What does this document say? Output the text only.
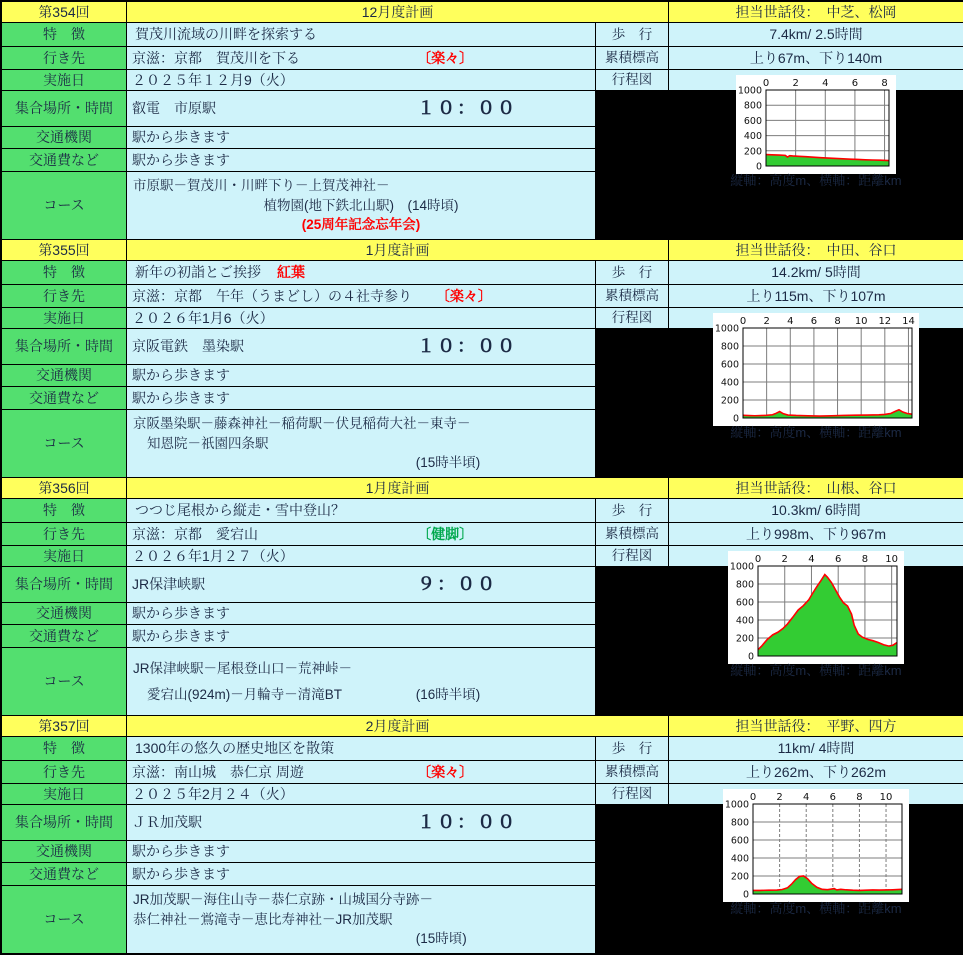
第354回	12月度計画	担当世話役：　中芝、松岡
特　徴	賀茂川流域の川畔を探索する	歩　行	7.4km/ 2.5時間
行き先	京滋：京都　賀茂川を下る	〔楽々〕	累積標高	上り67m、下り140m
実施日	２０２５年１２月9（火）	行程図	0 2 4 6 8
0
200
400
600
800
1000
縦軸：高度m、横軸：距離km
集合場所・時間	叡電　市原駅	１０：００
交通機関	駅から歩きます
交通費など	駅から歩きます
コース
市原駅－賀茂川・川畔下り－上賀茂神社－
植物園(地下鉄北山駅)　(14時頃)
(25周年記念忘年会)
第355回	1月度計画	担当世話役：　中田、谷口
特　徴	新年の初詣とご挨拶 紅葉	歩　行	14.2km/ 5時間
行き先	京滋：京都　午年（うまどし）の４社寺参り 〔楽々〕	累積標高	上り115m、下り107m
実施日	２０２６年1月6（火）	行程図	0 2 4 6 8 10 12 14
0
200
400
600
800
1000
縦軸：高度m、横軸：距離km
集合場所・時間	京阪電鉄　墨染駅	１０：００
交通機関	駅から歩きます
交通費など	駅から歩きます
コース
京阪墨染駅－藤森神社－稲荷駅－伏見稲荷大社－東寺－
知恩院－祇園四条駅
(15時半頃)

第356回	1月度計画	担当世話役：　山根、谷口
特　徴	つつじ尾根から縦走・雪中登山？	歩　行	10.3km/ 6時間
行き先	京滋：京都　愛宕山	〔健脚〕	累積標高	上り998m、下り967m
実施日	２０２６年1月２７（火）	行程図	0 2 4 6 8 10
0
200
400
600
800
1000
縦軸：高度m、横軸：距離km
集合場所・時間	JR保津峡駅	９：００
交通機関	駅から歩きます
交通費など	駅から歩きます
コース
JR保津峡駅－尾根登山口－荒神峠－
愛宕山(924m)－月輪寺－清滝BT	(16時半頃)
第357回	2月度計画	担当世話役：　平野、四方
特　徴	1300年の悠久の歴史地区を散策	歩　行	11km/ 4時間
行き先	京滋：南山城　恭仁京 周遊	〔楽々〕	累積標高	上り262m、下り262m
実施日	２０２５年2月２４（火）	行程図	0 2 4 6 8 10
0
200
400
600
800
1000
縦軸：高度m、横軸：距離km
集合場所・時間	ＪＲ加茂駅	１０：００
交通機関	駅から歩きます
交通費など	駅から歩きます
コース
JR加茂駅－海住山寺－恭仁京跡・山城国分寺跡－
恭仁神社－鴬滝寺－恵比寿神社－JR加茂駅
(15時頃)
